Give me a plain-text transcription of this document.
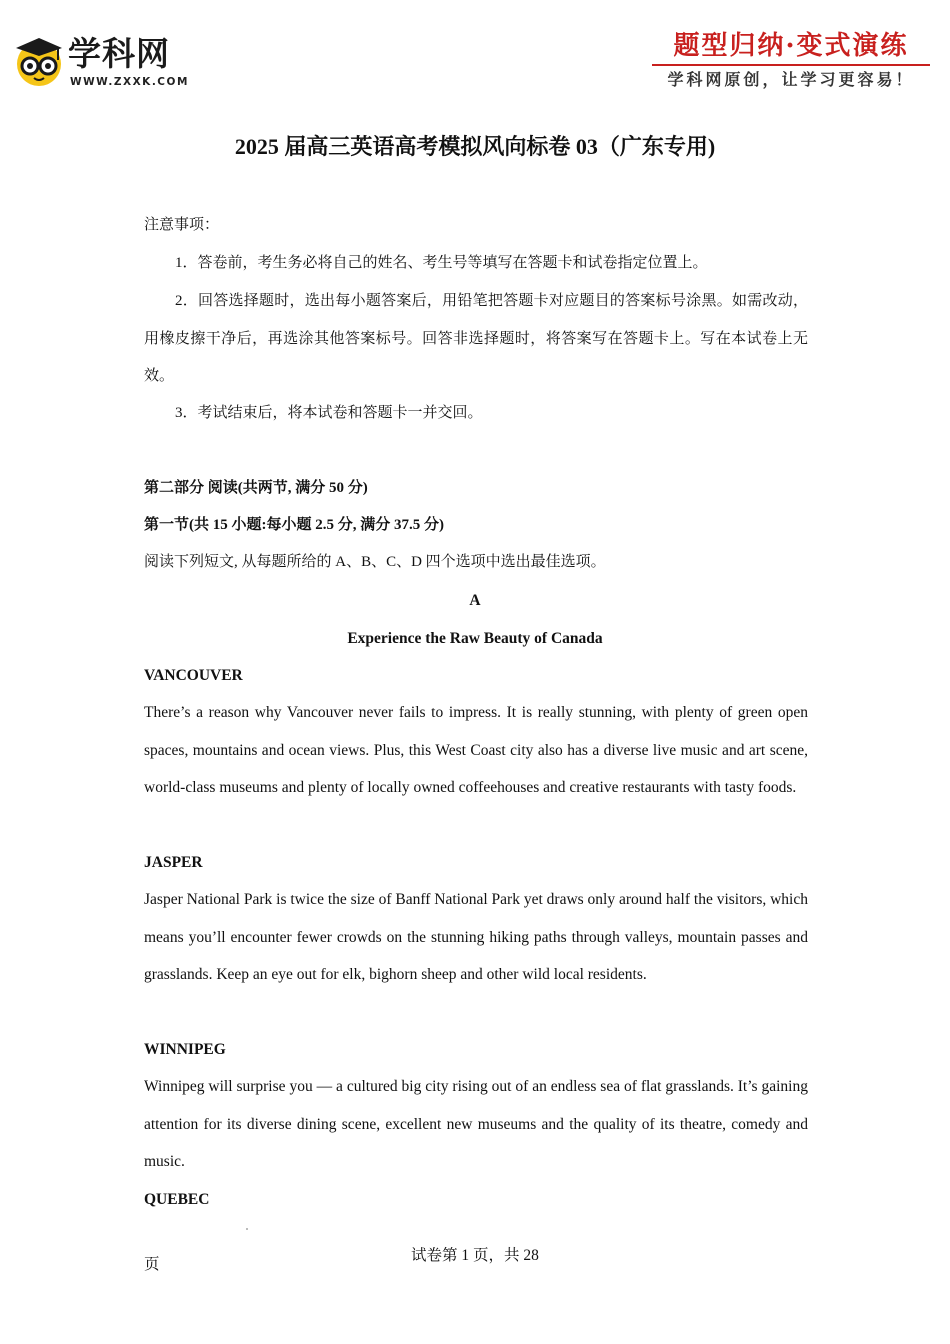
学科网
WWW.ZXXK.COM
题型归纳·变式演练
学科网原创，让学习更容易！
2025 届高三英语高考模拟风向标卷 03（广东专用)
注意事项：
1．答卷前，考生务必将自己的姓名、考生号等填写在答题卡和试卷指定位置上。
2．回答选择题时，选出每小题答案后，用铅笔把答题卡对应题目的答案标号涂黑。如需改动，用橡皮擦干净后，再选涂其他答案标号。回答非选择题时，将答案写在答题卡上。写在本试卷上无效。
3．考试结束后，将本试卷和答题卡一并交回。
第二部分 阅读(共两节, 满分 50 分)
第一节(共 15 小题:每小题 2.5 分, 满分 37.5 分)
阅读下列短文, 从每题所给的 A、B、C、D 四个选项中选出最佳选项。
A
Experience the Raw Beauty of Canada
VANCOUVER
There’s a reason why Vancouver never fails to impress. It is really stunning, with plenty of green open spaces, mountains and ocean views. Plus, this West Coast city also has a diverse live music and art scene, world-class museums and plenty of locally owned coffeehouses and creative restaurants with tasty foods.
JASPER
Jasper National Park is twice the size of Banff National Park yet draws only around half the visitors, which means you’ll encounter fewer crowds on the stunning hiking paths through valleys, mountain passes and grasslands. Keep an eye out for elk, bighorn sheep and other wild local residents.
WINNIPEG
Winnipeg will surprise you — a cultured big city rising out of an endless sea of flat grasslands. It’s gaining attention for its diverse dining scene, excellent new museums and the quality of its theatre, comedy and music.
QUEBEC
试卷第 1 页，共 28
页
